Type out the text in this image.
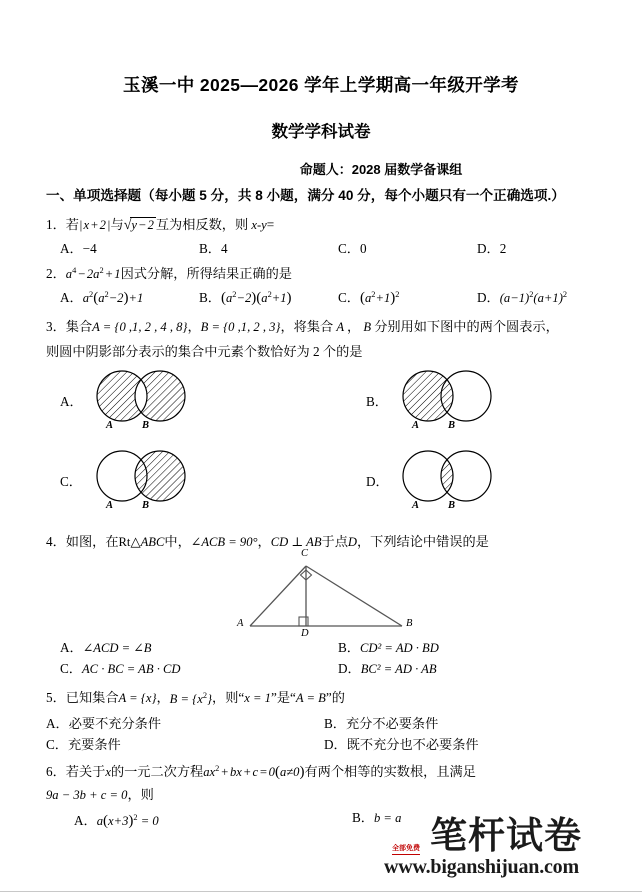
玉溪一中 2025—2026 学年上学期高一年级开学考
数学学科试卷
命题人：2028 届数学备课组
一、单项选择题（每小题 5 分，共 8 小题，满分 40 分，每个小题只有一个正确选项.）
1．若| x + 2 |与√y − 2 互为相反数，则 x-y=
A．−4	B．4	C．0	D．2
2．$a^4$ − $2a^2$ + 1因式分解，所得结果正确的是
A．$a^2(a^2-2)+1$	B．$(a^2-2)(a^2+1)$	C．$(a^2+1)^2$	D．$(a-1)^2(a+1)^2$
3．集合A = {0 ,1, 2 , 4 , 8}，B = {0 ,1, 2 , 3}，将集合 A ， B 分别用如下图中的两个圆表示，
则圆中阴影部分表示的集合中元素个数恰好为 2 个的是
A．
A	B
B．
A	B
C．
A	B
D．
A	B
4．如图，在Rt△ABC中，∠ACB = 90°，CD ⊥ AB于点D，下列结论中错误的是
C
A	B
D
A．∠ACD = ∠B	B．CD² = AD · BD
C．AC · BC = AB · CD	D．BC² = AD · AB
5．已知集合A = {x}，$B = \{x^2\}$，则“x = 1”是“A = B”的
A．必要不充分条件	B．充分不必要条件
C．充要条件	D．既不充分也不必要条件
6．若关于x的一元二次方程$ax^2$ + bx + c = 0(a≠0)有两个相等的实数根，且满足
9a − 3b + c = 0，则
A．$a(x+3)^2 = 0$	B．b = a 笔杆试卷
全部免费
www.biganshijuan.com
